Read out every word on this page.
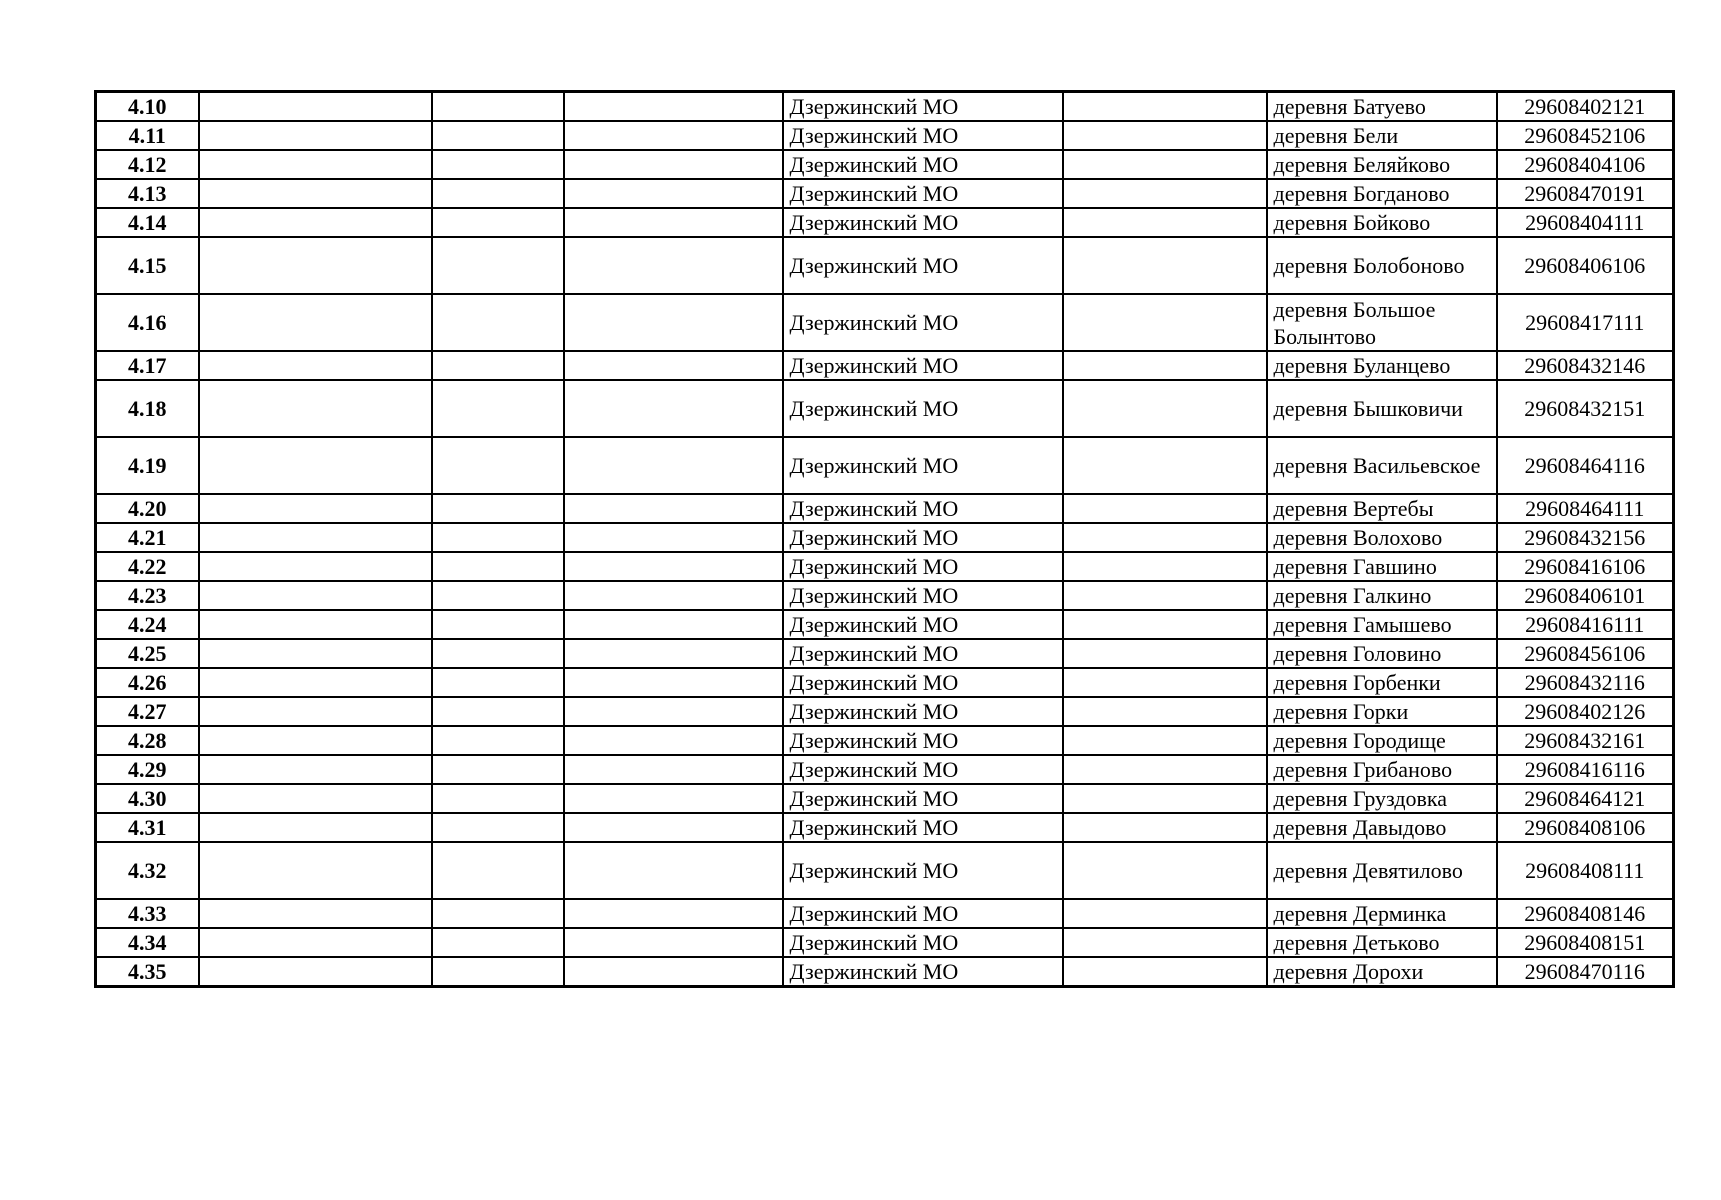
4.10				Дзержинский МО		деревня Батуево	29608402121
4.11				Дзержинский МО		деревня Бели	29608452106
4.12				Дзержинский МО		деревня Беляйково	29608404106
4.13				Дзержинский МО		деревня Богданово	29608470191
4.14				Дзержинский МО		деревня Бойково	29608404111
4.15				Дзержинский МО		деревня Болобоново	29608406106
4.16				Дзержинский МО		деревня Большое Болынтово	29608417111
4.17				Дзержинский МО		деревня Буланцево	29608432146
4.18				Дзержинский МО		деревня Бышковичи	29608432151
4.19				Дзержинский МО		деревня Васильевское	29608464116
4.20				Дзержинский МО		деревня Вертебы	29608464111
4.21				Дзержинский МО		деревня Волохово	29608432156
4.22				Дзержинский МО		деревня Гавшино	29608416106
4.23				Дзержинский МО		деревня Галкино	29608406101
4.24				Дзержинский МО		деревня Гамышево	29608416111
4.25				Дзержинский МО		деревня Головино	29608456106
4.26				Дзержинский МО		деревня Горбенки	29608432116
4.27				Дзержинский МО		деревня Горки	29608402126
4.28				Дзержинский МО		деревня Городище	29608432161
4.29				Дзержинский МО		деревня Грибаново	29608416116
4.30				Дзержинский МО		деревня Груздовка	29608464121
4.31				Дзержинский МО		деревня Давыдово	29608408106
4.32				Дзержинский МО		деревня Девятилово	29608408111
4.33				Дзержинский МО		деревня Дерминка	29608408146
4.34				Дзержинский МО		деревня Детьково	29608408151
4.35				Дзержинский МО		деревня Дорохи	29608470116
